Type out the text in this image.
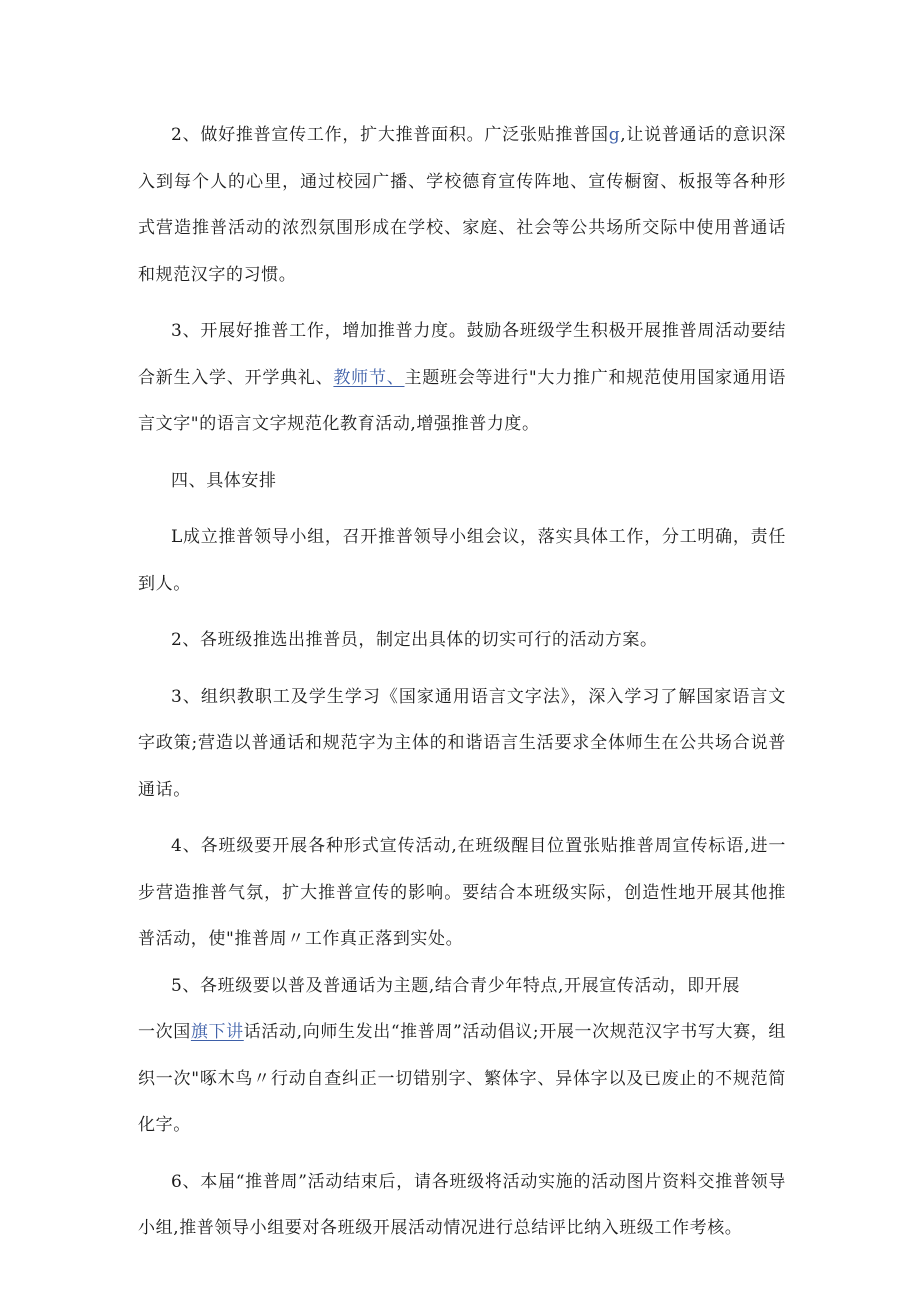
2、做好推普宣传工作，扩大推普面积。广泛张贴推普国g,让说普通话的意识深入到每个人的心里，通过校园广播、学校德育宣传阵地、宣传橱窗、板报等各种形式营造推普活动的浓烈氛围形成在学校、家庭、社会等公共场所交际中使用普通话和规范汉字的习惯。

3、开展好推普工作，增加推普力度。鼓励各班级学生积极开展推普周活动要结合新生入学、开学典礼、教师节、主题班会等进行"大力推广和规范使用国家通用语言文字"的语言文字规范化教育活动,增强推普力度。

四、具体安排

L成立推普领导小组，召开推普领导小组会议，落实具体工作，分工明确，责任到人。

2、各班级推选出推普员，制定出具体的切实可行的活动方案。

3、组织教职工及学生学习《国家通用语言文字法》，深入学习了解国家语言文字政策;营造以普通话和规范字为主体的和谐语言生活要求全体师生在公共场合说普通话。

4、各班级要开展各种形式宣传活动,在班级醒目位置张贴推普周宣传标语,进一步营造推普气氛，扩大推普宣传的影响。要结合本班级实际，创造性地开展其他推普活动，使"推普周〃工作真正落到实处。

5、各班级要以普及普通话为主题,结合青少年特点,开展宣传活动，即开展

一次国旗下讲话活动,向师生发出“推普周”活动倡议;开展一次规范汉字书写大赛，组织一次"啄木鸟〃行动自查纠正一切错别字、繁体字、异体字以及已废止的不规范简化字。

6、本届“推普周”活动结束后，请各班级将活动实施的活动图片资料交推普领导小组,推普领导小组要对各班级开展活动情况进行总结评比纳入班级工作考核。
